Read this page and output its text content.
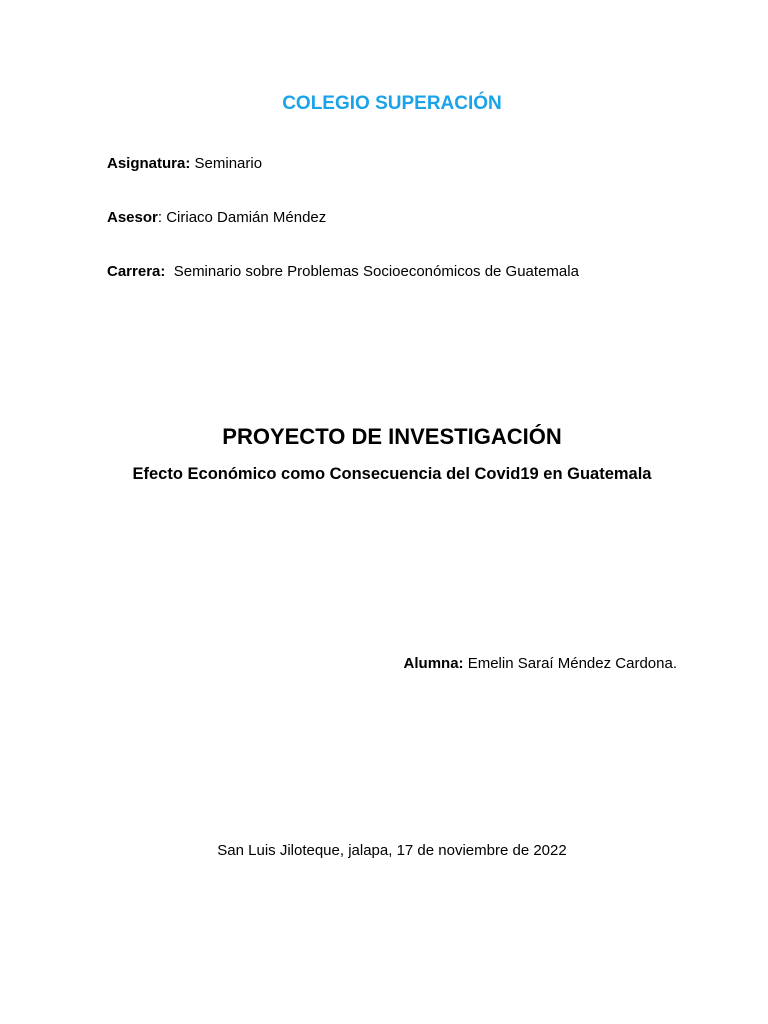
COLEGIO SUPERACIÓN

Asignatura: Seminario

Asesor: Ciriaco Damián Méndez

Carrera: Seminario sobre Problemas Socioeconómicos de Guatemala

PROYECTO DE INVESTIGACIÓN
Efecto Económico como Consecuencia del Covid19 en Guatemala

Alumna: Emelin Saraí Méndez Cardona.

San Luis Jiloteque, jalapa, 17 de noviembre de 2022
